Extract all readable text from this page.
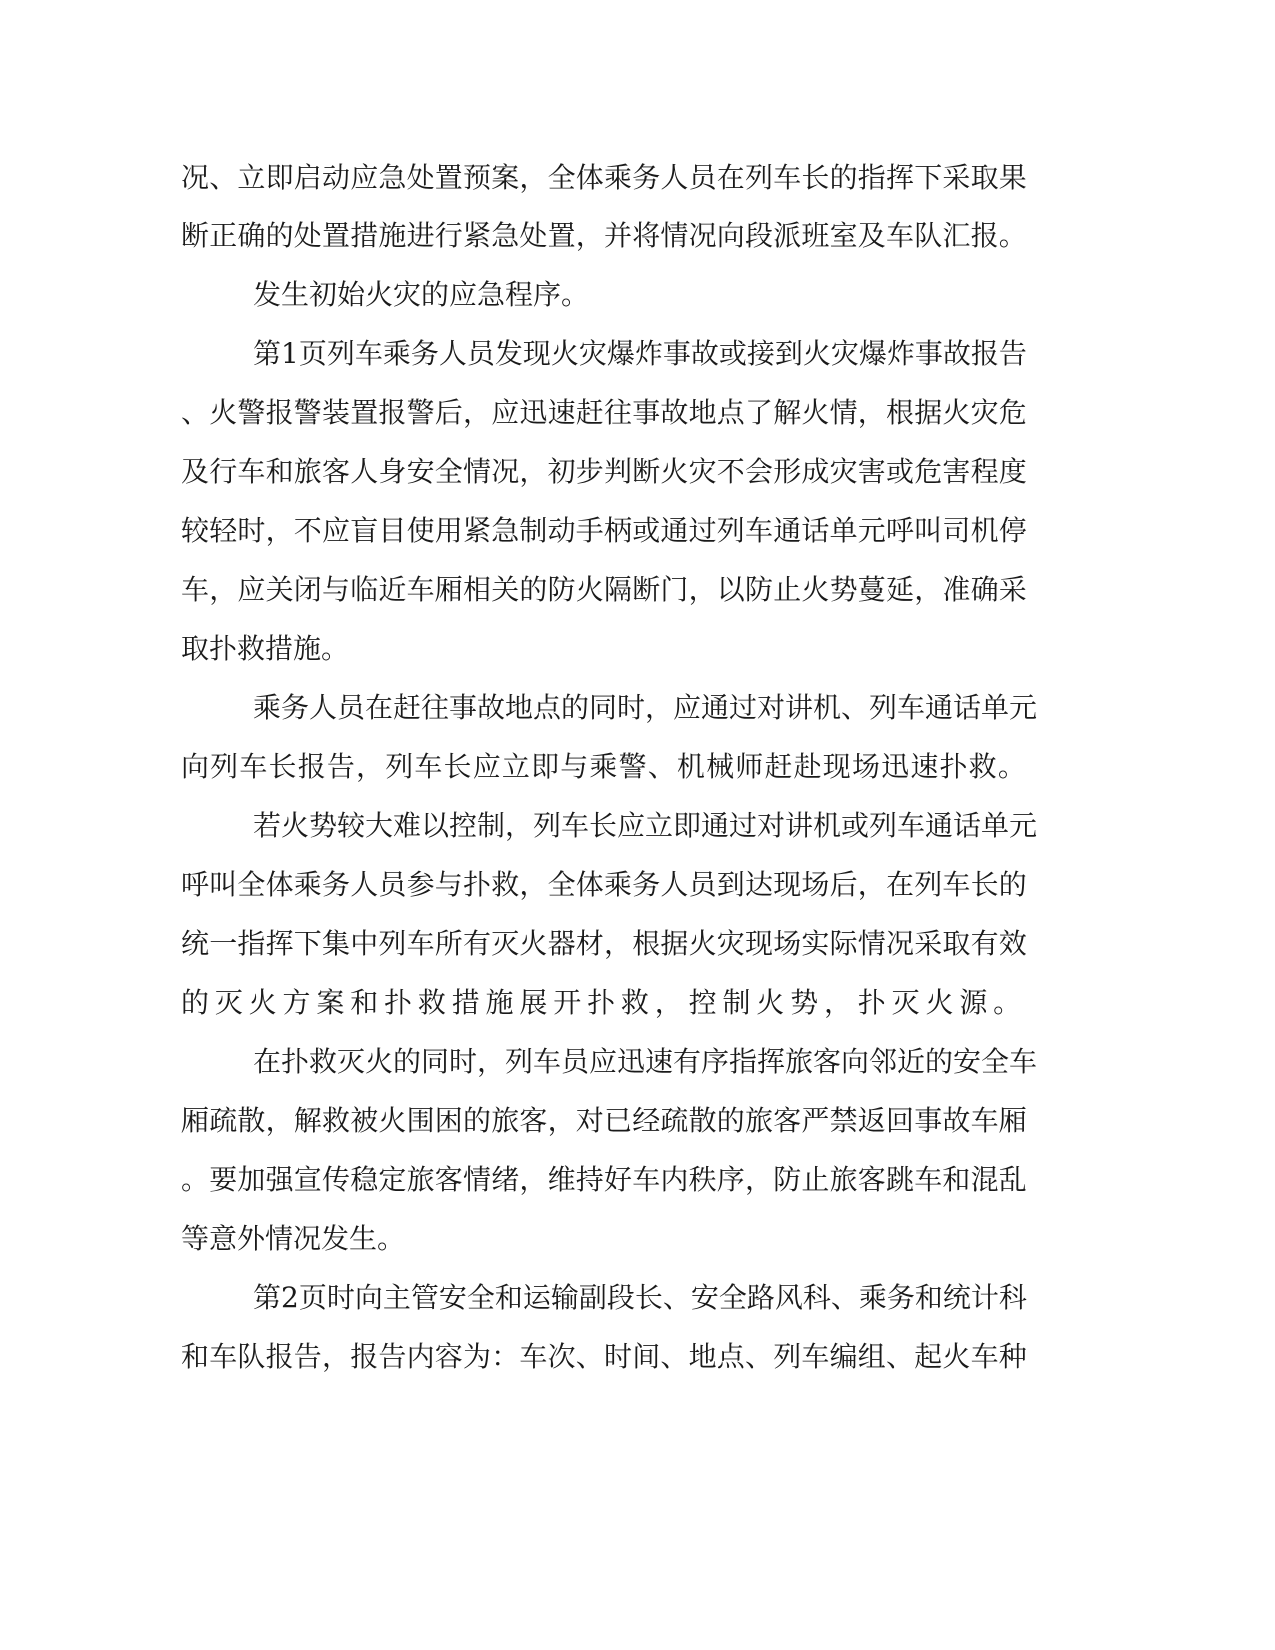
况、立即启动应急处置预案，全体乘务人员在列车长的指挥下采取果
断正确的处置措施进行紧急处置，并将情况向段派班室及车队汇报。
发生初始火灾的应急程序。
第1页列车乘务人员发现火灾爆炸事故或接到火灾爆炸事故报告
、火警报警装置报警后，应迅速赶往事故地点了解火情，根据火灾危
及行车和旅客人身安全情况，初步判断火灾不会形成灾害或危害程度
较轻时，不应盲目使用紧急制动手柄或通过列车通话单元呼叫司机停
车，应关闭与临近车厢相关的防火隔断门，以防止火势蔓延，准确采
取扑救措施。
乘务人员在赶往事故地点的同时，应通过对讲机、列车通话单元
向列车长报告，列车长应立即与乘警、机械师赶赴现场迅速扑救。
若火势较大难以控制，列车长应立即通过对讲机或列车通话单元
呼叫全体乘务人员参与扑救，全体乘务人员到达现场后，在列车长的
统一指挥下集中列车所有灭火器材，根据火灾现场实际情况采取有效
的灭火方案和扑救措施展开扑救，控制火势，扑灭火源。
在扑救灭火的同时，列车员应迅速有序指挥旅客向邻近的安全车
厢疏散，解救被火围困的旅客，对已经疏散的旅客严禁返回事故车厢
。要加强宣传稳定旅客情绪，维持好车内秩序，防止旅客跳车和混乱
等意外情况发生。
第2页时向主管安全和运输副段长、安全路风科、乘务和统计科
和车队报告，报告内容为：车次、时间、地点、列车编组、起火车种
